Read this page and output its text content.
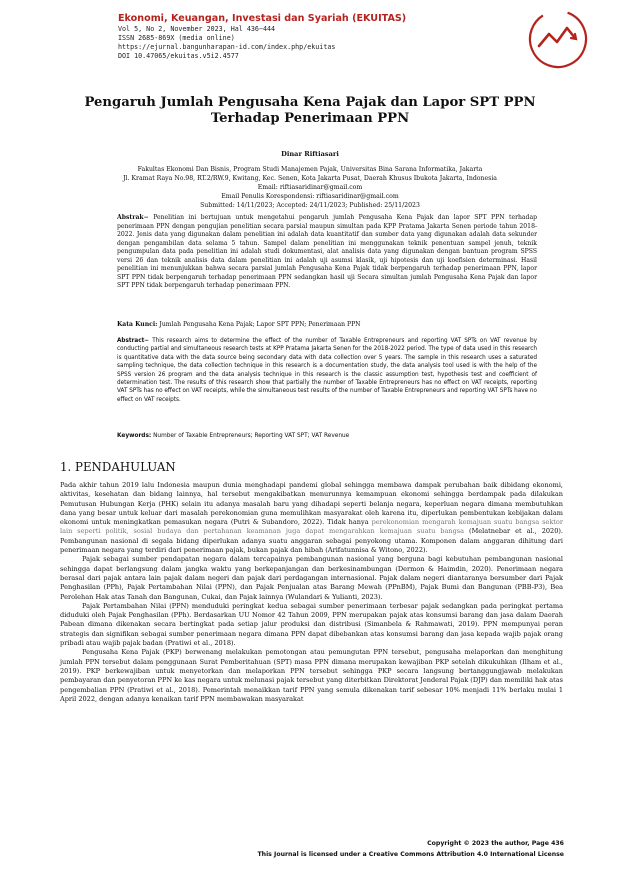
Ekonomi, Keuangan, Investasi dan Syariah (EKUITAS)
Vol 5, No 2, November 2023, Hal 436−444
ISSN 2685-869X (media online)
https://ejurnal.bangunharapan-id.com/index.php/ekuitas
DOI 10.47065/ekuitas.v5i2.4577
Pengaruh Jumlah Pengusaha Kena Pajak dan Lapor SPT PPN
Terhadap Penerimaan PPN
Dinar Riftiasari
Fakultas Ekonomi Dan Bisnis, Program Studi Manajemen Pajak, Universitas Bina Sarana Informatika, Jakarta
Jl. Kramat Raya No.98, RT.2/RW.9, Kwitang, Kec. Senen, Kota Jakarta Pusat, Daerah Khusus Ibukota Jakarta, Indonesia
Email: riftiasaridinar@gmail.com
Email Penulis Korespondensi: riftiasaridinar@gmail.com
Submitted: 14/11/2023; Accepted: 24/11/2023; Published: 25/11/2023
Abstrak− Penelitian ini bertujuan untuk mengetahui pengaruh jumlah Pengusaha Kena Pajak dan lapor SPT PPN terhadap penerimaan PPN dengan pengujian penelitian secara parsial maupun simultan pada KPP Pratama Jakarta Senen periode tahun 2018-2022. Jenis data yang digunakan dalam penelitian ini adalah data kuantitatif dan sumber data yang digunakan adalah data sekunder dengan pengambilan data selama 5 tahun. Sampel dalam penelitian ini menggunakan teknik penentuan sampel jenuh, teknik pengumpulan data pada penelitian ini adalah studi dokumentasi, alat analisis data yang digunakan dengan bantuan program SPSS versi 26 dan teknik analisis data dalam penelitian ini adalah uji asumsi klasik, uji hipotesis dan uji koefisien determinasi. Hasil penelitian ini menunjukkan bahwa secara parsial jumlah Pengusaha Kena Pajak tidak berpengaruh terhadap penerimaan PPN, lapor SPT PPN tidak berpengaruh terhadap penerimaan PPN sedangkan hasil uji Secara simultan jumlah Pengusaha Kena Pajak dan lapor SPT PPN tidak berpengaruh terhadap penerimaan PPN.
Kata Kunci: Jumlah Pengusaha Kena Pajak; Lapor SPT PPN; Penerimaan PPN
Abstract− This research aims to determine the effect of the number of Taxable Entrepreneurs and reporting VAT SPTs on VAT revenue by conducting partial and simultaneous research tests at KPP Pratama Jakarta Senen for the 2018-2022 period. The type of data used in this research is quantitative data with the data source being secondary data with data collection over 5 years. The sample in this research uses a saturated sampling technique, the data collection technique in this research is a documentation study, the data analysis tool used is with the help of the SPSS version 26 program and the data analysis technique in this research is the classic assumption test, hypothesis test and coefficient of determination test. The results of this research show that partially the number of Taxable Entrepreneurs has no effect on VAT receipts, reporting VAT SPTs has no effect on VAT receipts, while the simultaneous test results of the number of Taxable Entrepreneurs and reporting VAT SPTs have no effect on VAT receipts.
Keywords: Number of Taxable Entrepreneurs; Reporting VAT SPT; VAT Revenue
1. PENDAHULUAN

Pada akhir tahun 2019 lalu Indonesia maupun dunia menghadapi pandemi global sehingga membawa dampak perubahan baik dibidang ekonomi, aktivitas, kesehatan dan bidang lainnya, hal tersebut mengakibatkan menurunnya kemampuan ekonomi sehingga berdampak pada dilakukan Pemutusan Hubungan Kerja (PHK) selain itu adanya masalah baru yang dihadapi seperti belanja negara, keperluan negara dimana membutuhkan dana yang besar untuk keluar dari masalah perekonomian guna memulihkan masyarakat oleh karena itu, diperlukan pembentukan kebijakan dalam ekonomi untuk meningkatkan pemasukan negara (Putri & Subandoro, 2022). Tidak hanya perekonomian mengarah kemajuan suatu bangsa sektor lain seperti politik, sosial budaya dan pertahanan keamanan juga dapat mengarahkan kemajuan suatu bangsa (Melatnebar et al., 2020). Pembangunan nasional di segala bidang diperlukan adanya suatu anggaran sebagai penyokong utama. Komponen dalam anggaran dihitung dari penerimaan negara yang terdiri dari penerimaan pajak, bukan pajak dan hibah (Arifatunnisa & Witono, 2022).

Pajak sebagai sumber pendapatan negara dalam tercapainya pembangunan nasional yang berguna bagi kebutuhan pembangunan nasional sehingga dapat berlangsung dalam jangka waktu yang berkepanjangan dan berkesinambungan (Dermon & Haimdin, 2020). Penerimaan negara berasal dari pajak antara lain pajak dalam negeri dan pajak dari perdagangan internasional. Pajak dalam negeri diantaranya bersumber dari Pajak Penghasilan (PPh), Pajak Pertambahan Nilai (PPN), dan Pajak Penjualan atas Barang Mewah (PPnBM), Pajak Bumi dan Bangunan (PBB-P3), Bea Perolehan Hak atas Tanah dan Bangunan, Cukai, dan Pajak lainnya (Wulandari & Yulianti, 2023).

Pajak Pertambahan Nilai (PPN) menduduki peringkat kedua sebagai sumber penerimaan terbesar pajak sedangkan pada peringkat pertama diduduki oleh Pajak Penghasilan (PPh). Berdasarkan UU Nomor 42 Tahun 2009, PPN merupakan pajak atas konsumsi barang dan jasa dalam Daerah Pabean dimana dikenakan secara bertingkat pada setiap jalur produksi dan distribusi (Simanbela & Rahmawati, 2019). PPN mempunyai peran strategis dan signifikan sebagai sumber penerimaan negara dimana PPN dapat dibebankan atas konsumsi barang dan jasa kepada wajib pajak orang pribadi atau wajib pajak badan (Pratiwi et al., 2018).

Pengusaha Kena Pajak (PKP) berwenang melakukan pemotongan atau pemungutan PPN tersebut, pengusaha melaporkan dan menghitung jumlah PPN tersebut dalam penggunaan Surat Pemberitahuan (SPT) masa PPN dimana merupakan kewajiban PKP setelah dikukuhkan (Ilham et al., 2019). PKP berkewajiban untuk menyetorkan dan melaporkan PPN tersebut sehingga PKP secara langsung bertanggungjawab melakukan pembayaran dan penyetoran PPN ke kas negara untuk melunasi pajak tersebut yang diterbitkan Direktorat Jenderal Pajak (DJP) dan memiliki hak atas pengembalian PPN (Pratiwi et al., 2018). Pemerintah menaikkan tarif PPN yang semula dikenakan tarif sebesar 10% menjadi 11% berlaku mulai 1 April 2022, dengan adanya kenaikan tarif PPN membawakan masyarakat

Copyright © 2023 the author, Page 436
This Journal is licensed under a Creative Commons Attribution 4.0 International License
